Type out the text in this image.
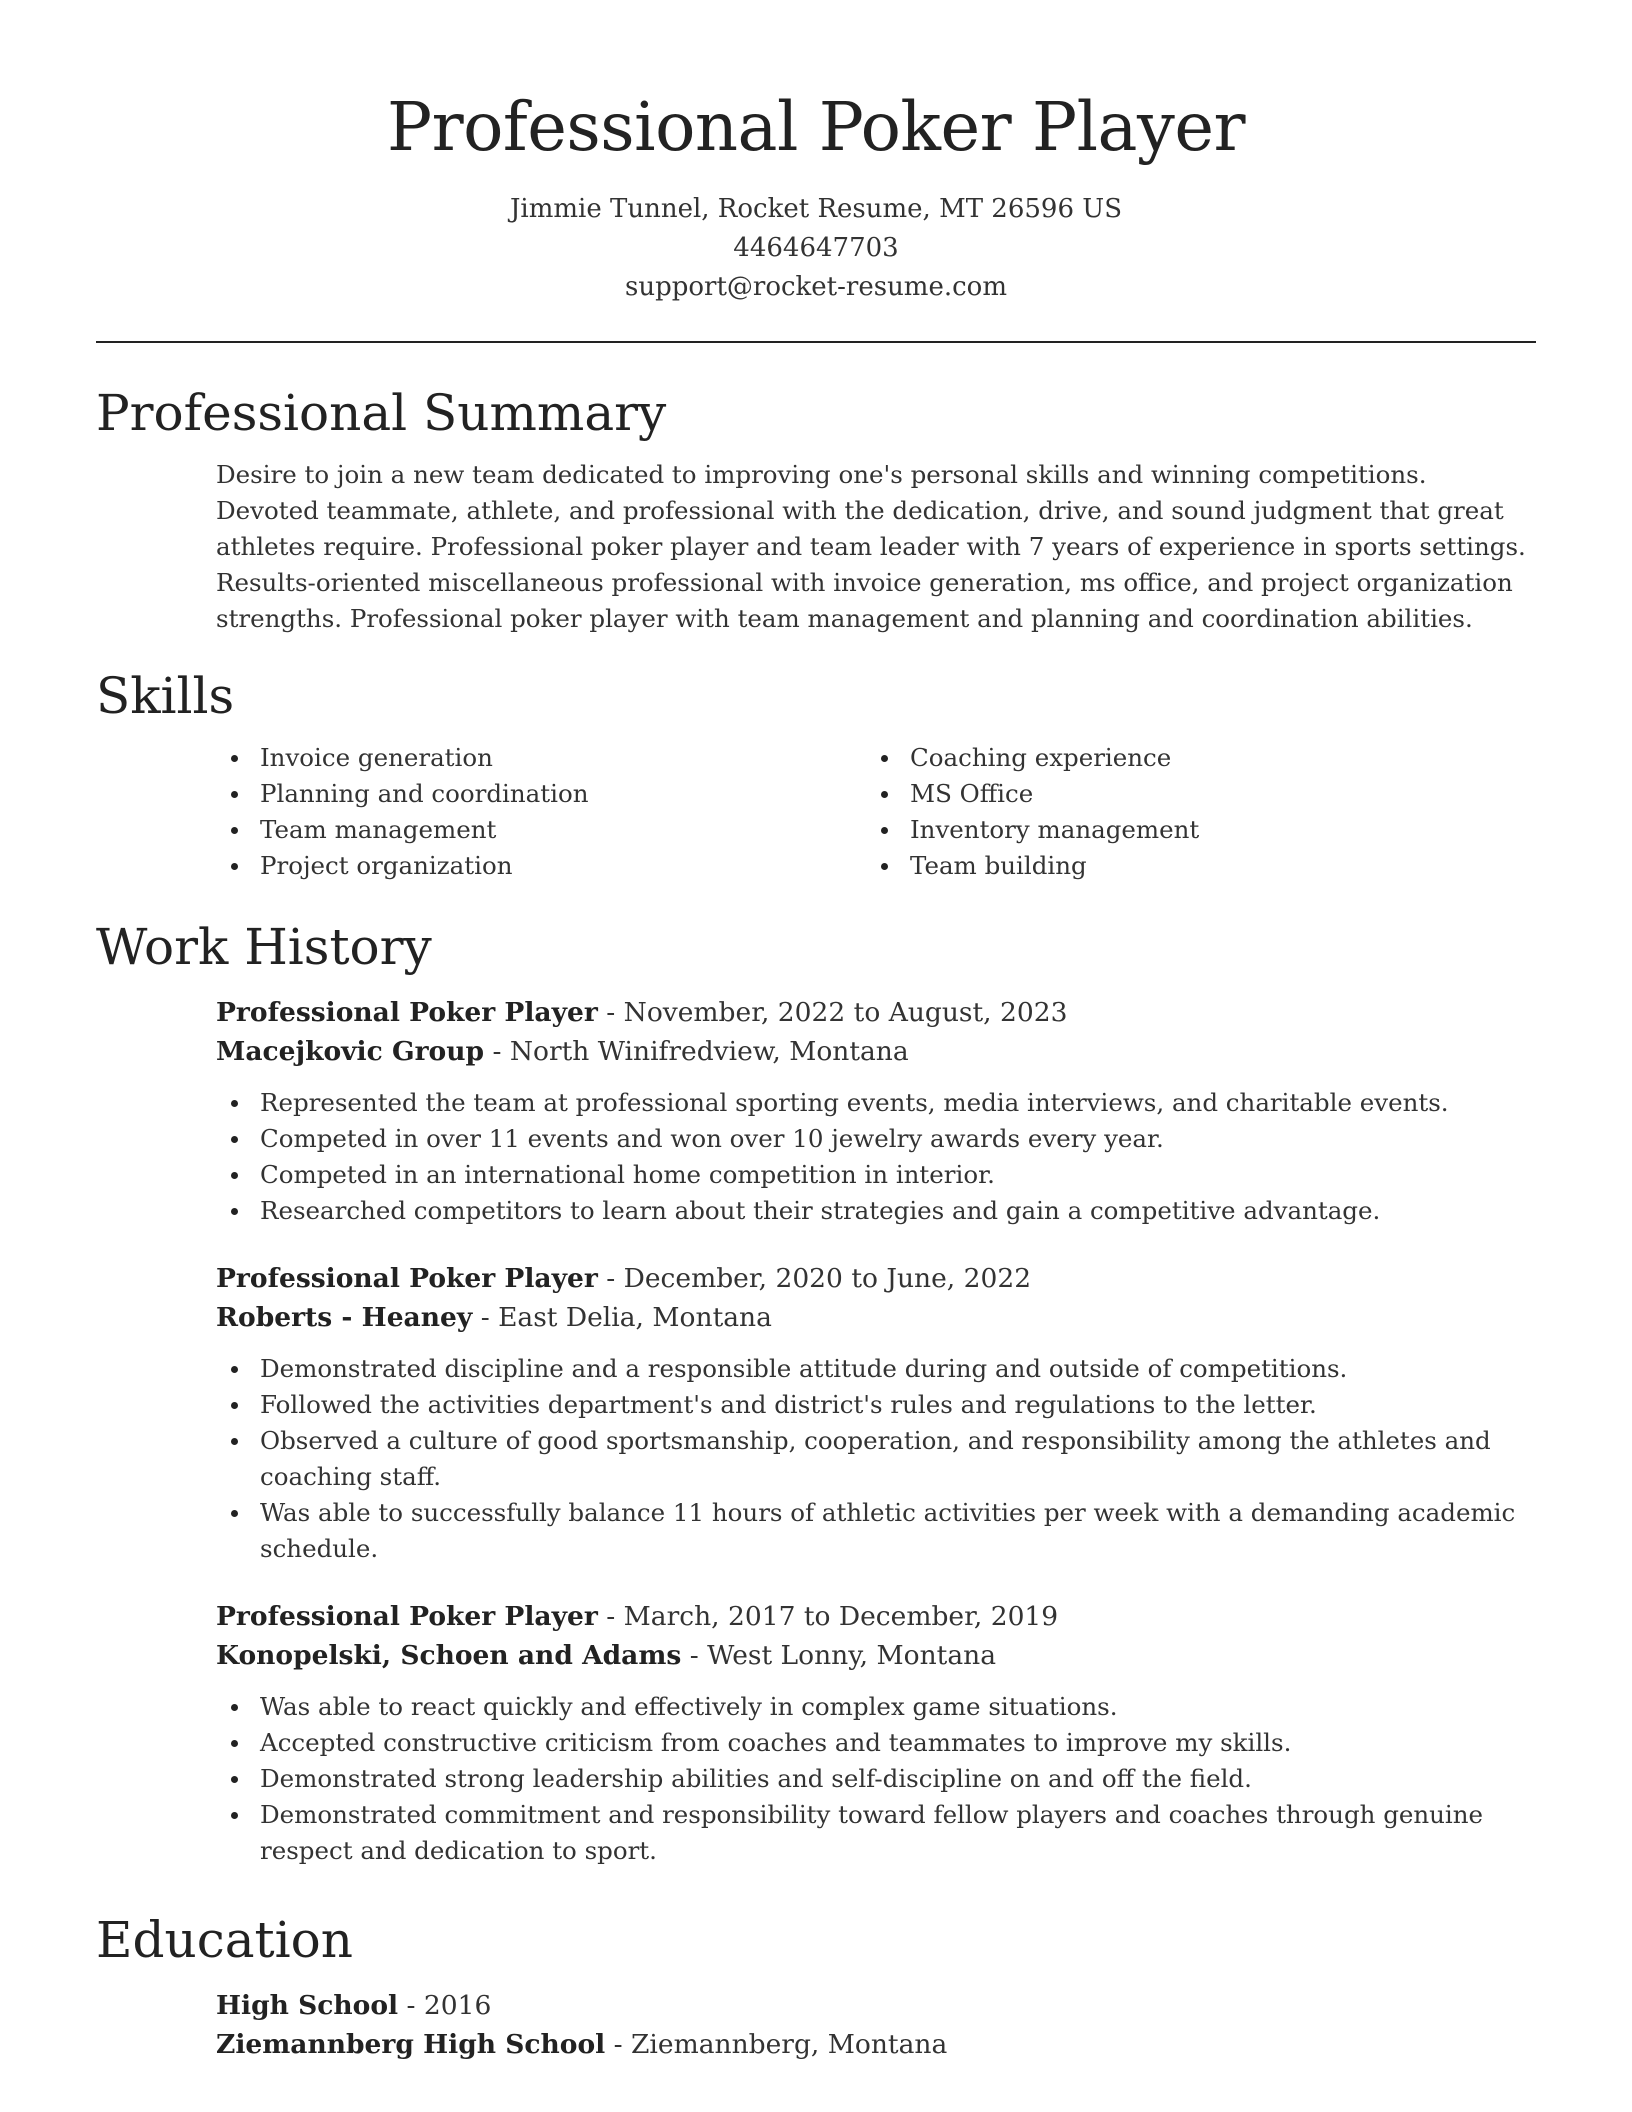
Professional Poker Player
Jimmie Tunnel, Rocket Resume, MT 26596 US
4464647703
support@rocket-resume.com
Professional Summary

Desire to join a new team dedicated to improving one's personal skills and winning competitions. Devoted teammate, athlete, and professional with the dedication, drive, and sound judgment that great athletes require. Professional poker player and team leader with 7 years of experience in sports settings. Results-oriented miscellaneous professional with invoice generation, ms office, and project organization strengths. Professional poker player with team management and planning and coordination abilities.

Skills
Invoice generation
Planning and coordination
Team management
Project organization
Coaching experience
MS Office
Inventory management
Team building
Work History
Professional Poker Player - November, 2022 to August, 2023
Macejkovic Group - North Winifredview, Montana
Represented the team at professional sporting events, media interviews, and charitable events.
Competed in over 11 events and won over 10 jewelry awards every year.
Competed in an international home competition in interior.
Researched competitors to learn about their strategies and gain a competitive advantage.
Professional Poker Player - December, 2020 to June, 2022
Roberts - Heaney - East Delia, Montana
Demonstrated discipline and a responsible attitude during and outside of competitions.
Followed the activities department's and district's rules and regulations to the letter.
Observed a culture of good sportsmanship, cooperation, and responsibility among the athletes and coaching staff.
Was able to successfully balance 11 hours of athletic activities per week with a demanding academic schedule.
Professional Poker Player - March, 2017 to December, 2019
Konopelski, Schoen and Adams - West Lonny, Montana
Was able to react quickly and effectively in complex game situations.
Accepted constructive criticism from coaches and teammates to improve my skills.
Demonstrated strong leadership abilities and self-discipline on and off the field.
Demonstrated commitment and responsibility toward fellow players and coaches through genuine respect and dedication to sport.
Education
High School - 2016
Ziemannberg High School - Ziemannberg, Montana
